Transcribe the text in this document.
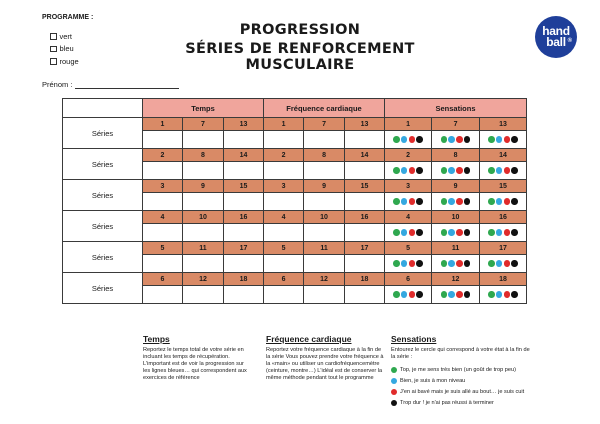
PROGRAMME :
vert
bleu
rouge
Prénom :
PROGRESSION
SÉRIES DE RENFORCEMENT MUSCULAIRE
hand
ball ®
	Temps			Fréquence cardiaque			Sensations		
Séries	1	7	13	1	7	13	1	7	13

Séries	2	8	14	2	8	14	2	8	14

Séries	3	9	15	3	9	15	3	9	15

Séries	4	10	16	4	10	16	4	10	16

Séries	5	11	17	5	11	17	5	11	17

Séries	6	12	18	6	12	18	6	12	18

Temps
Reportez le temps total de votre série en incluant les temps de récupération. L'important est de voir la progression sur les lignes bleues… qui correspondent aux exercices de référence
Fréquence cardiaque
Reportez votre fréquence cardiaque à la fin de la série Vous pouvez prendre votre fréquence à la «main» ou utiliser un cardiofréquencemètre (ceinture, montre…) L'idéal est de conserver la même méthode pendant tout le programme
Sensations
Entourez le cercle qui correspond à votre état à la fin de la série :
Top, je me sens très bien (un goût de trop peu)
Bien, je suis à mon niveau
J'en ai bavé mais je suis allé au bout… je suis cuit
Trop dur ! je n'ai pas réussi à terminer
